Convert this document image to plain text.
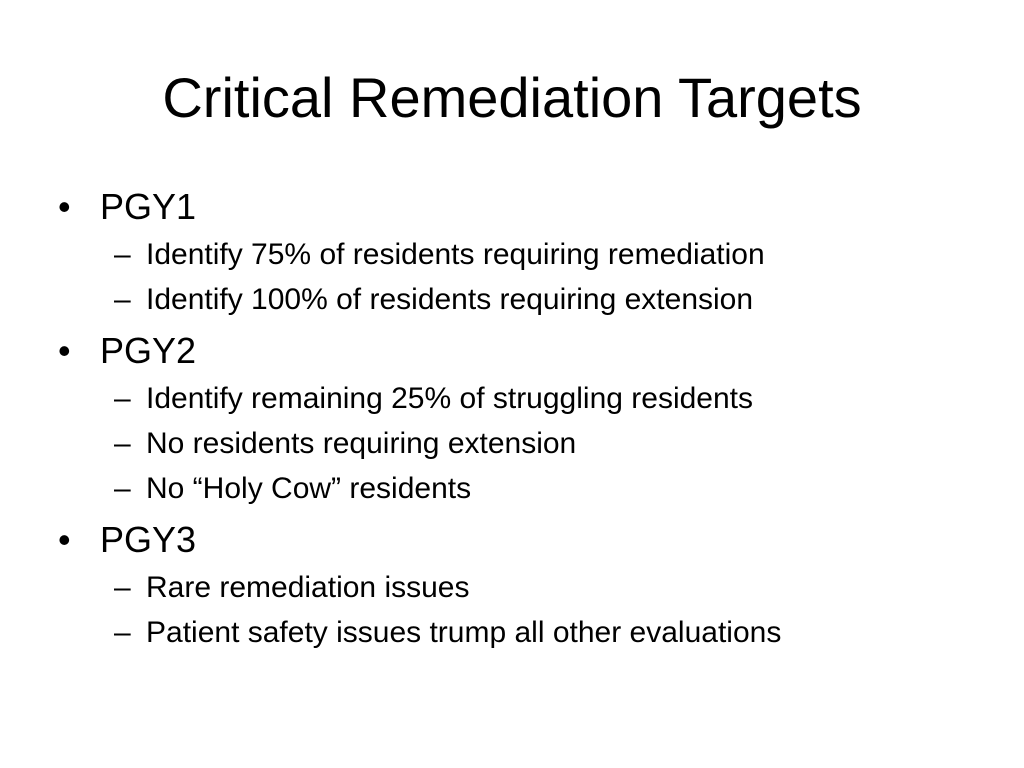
Critical Remediation Targets
• PGY1
– Identify 75% of residents requiring remediation
– Identify 100% of residents requiring extension
• PGY2
– Identify remaining 25% of struggling residents
– No residents requiring extension
– No “Holy Cow” residents
• PGY3
– Rare remediation issues
– Patient safety issues trump all other evaluations
